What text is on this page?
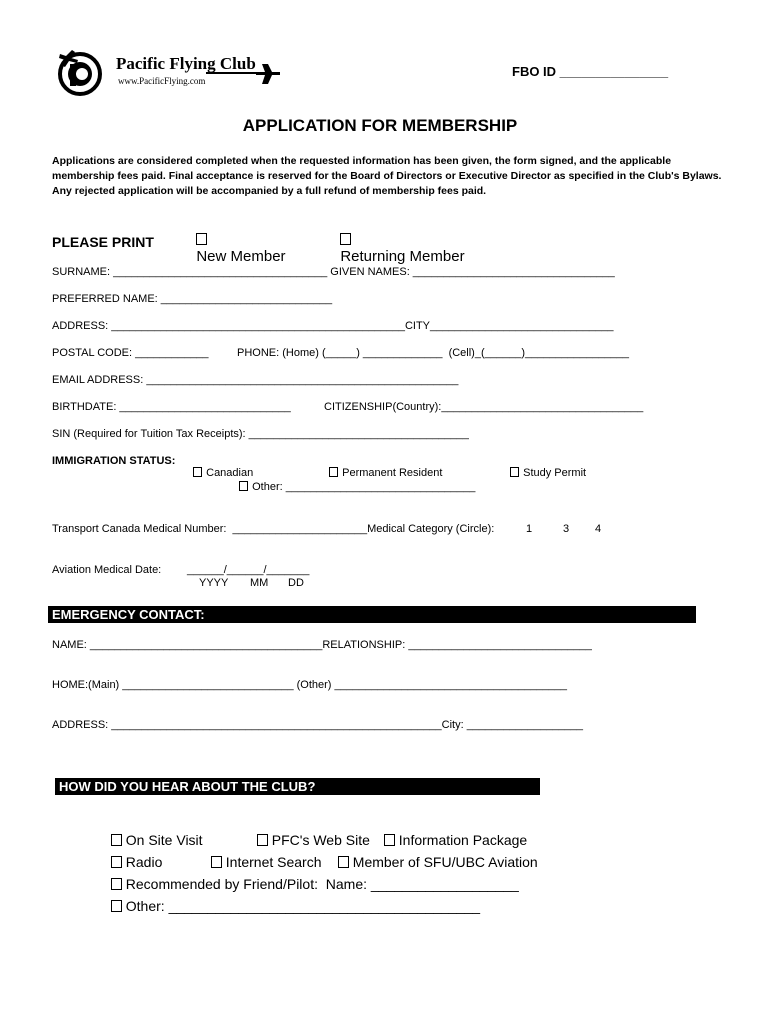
Pacific Flying Club

www.PacificFlying.com

FBO ID _______________
APPLICATION FOR MEMBERSHIP
Applications are considered completed when the requested information has been given, the form signed, and the applicable membership fees paid. Final acceptance is reserved for the Board of Directors or Executive Director as specified in the Club's Bylaws. Any rejected application will be accompanied by a full refund of membership fees paid.

New Member

	Returning Member

PLEASE PRINT
SURNAME: ___________________________________ GIVEN NAMES: _________________________________
PREFERRED NAME: ____________________________
ADDRESS: ________________________________________________CITY______________________________
POSTAL CODE: ____________	PHONE: (Home) (_____) _____________  (Cell)_(______)_________________
EMAIL ADDRESS: ___________________________________________________
BIRTHDATE: ____________________________	CITIZENSHIP(Country):_________________________________
SIN (Required for Tuition Tax Receipts): ____________________________________
IMMIGRATION STATUS:

Canadian	Permanent Resident	Study Permit

Other: _______________________________

Transport Canada Medical Number:  ______________________Medical Category (Circle):	1	3 4
Aviation Medical Date: ______/______/_______
YYYY MM DD
EMERGENCY CONTACT:
NAME: ______________________________________RELATIONSHIP: ______________________________
HOME:(Main) ____________________________ (Other) ______________________________________
ADDRESS: ______________________________________________________City: ___________________
HOW DID YOU HEAR ABOUT THE CLUB?

On Site Visit	PFC's Web Site	Information Package

Radio	Internet Search	Member of SFU/UBC Aviation

Recommended by Friend/Pilot:  Name: ___________________

Other: ________________________________________
